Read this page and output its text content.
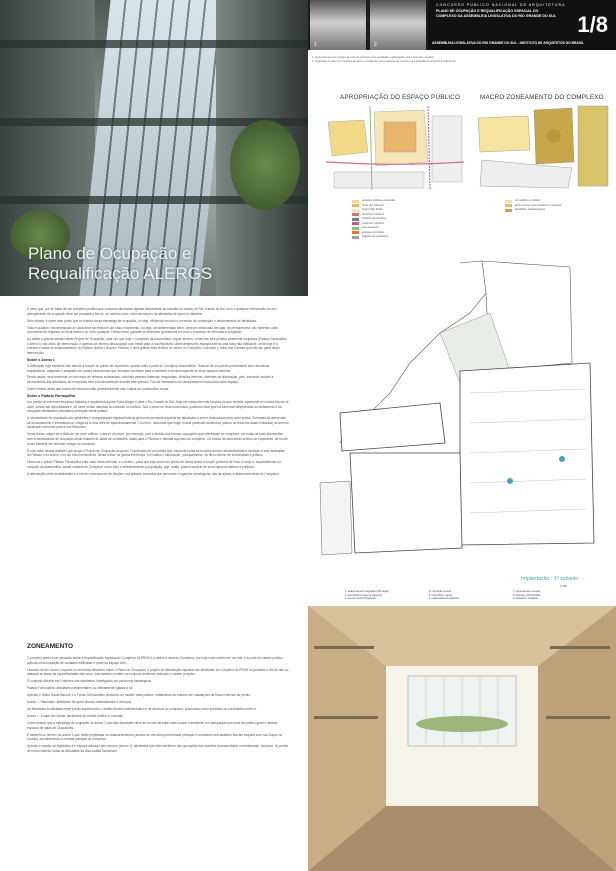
Plano de Ocupação e Requalificação ALERGS

É certo que, por se tratar de um complexo público que comporta atividades ligadas diretamente ao cidadão do estado do Rio Grande do Sul, todo e qualquer intervenção ao seu planejamento de ocupação deve ser pensada a fim de, ao mínimo ruído, não interromper as atividades de quem lá trabalha.

Sem dúvida, é sobre este ponto que se baseia nossa estratégia de ocupação, ou seja, eficiência em todo o processo de construção e deslocamento de atividades.

Toda e qualquer movimentação de usos deve ser feita em um único movimento, ou seja, um determinado setor, uma vez deslocado de lugar, ali permanecerá, não havendo outro movimento de regresso ao local anterior ou outro qualquer. Desta forma, garante-se eficiência operacional em todo o processo de reformas e ocupação.

Ao visitar o grande desafio deste Projeto de Ocupação, uma vez que hoje o Complexo da Assembleia, requer terreno, conta com três prédios totalmente ocupados (Palácio Farroupilha e Anexo I) sob ofício de intervenção, e apenas um terreno desocupado com frente para a rua Riachuelo. Além destes três espaços temos uma faixa não edificante, onde hoje é a entrada e saída do estacionamento do Palácio (sobre o Arquivo Público) e uma grande área vizinha no centro do Complexo, incluindo o Solar dos Câmara que não faz parte desta intervenção.

Sobre o Anexo I:

A edificação hoje existente não atende à função do prédio de escritórios, quanto mais à parte do Complexo Assembleia. Trata-se de um prédio previamente sem relevância arquitetônica, adquirido e adaptado em partes desconexas que incluíram contribuir para a melhoria e técnica especial de seus espaços internos.

Sendo assim, será eminente um processo de reforma substancial, incluindo paredes externas, esquadrias, divisões internas, sistemas de iluminação, piso, tornando inviável a permanência das atividades ali compostas face a funcionamento durante este período. Faz-se necessário um deslocamento inicial para outro espaço.

Cabe lembrar ainda que custos de reforma estão previsivelmente com custos de construções novas.

Sobre o Palácio Farroupilha:

Um prédio de extrema relevância histórica e arquitetônica para Porto Alegre e para o Rio Grande do Sul. Hoje ele comporta mais funções do que deveria, apertando em certos blocos de usos, zonas mal aproveitadas e, de certa forma, danosas ao conceito do edifício. Sob o ponto de vista econômico, podemos dizer que há interesse desprendido do andamento e da ocupação destinada a atividades principais deste palácio.

A necessidade de ampliação das gabinetes e reorganização espacial interna gera uma demanda especial de atividades a serem deslocadas para outro prédio. Somadas às demandas de deslocamento e infraestrutura, chega-se a uma área de aproximadamente 7,4 mil m², área esta que exige o ideal potencial construtivo (dados os recursos atuais limitados) do terreno localizado conforme para a rua Riachuelo.

Desta forma, surgiu-se a idéia de um novo edifício, o anexo de pisos, por exemplo, com a divisão das futuras ocupações que interessam ao complexo, em todas as suas interseções sem a necessidade de ocupação ainda maiores de salas de comissões, salas para o Plenário e demais suportes do complexo. Os custos de obra serão seletos do orçamento, de forma a não interferir em nenhum estágio de comando.

É com base nestas análises que surge o Projeto de Ocupação proposto. Construção de um prédio que comporte todas as funções técnico-administrativas e serviços e seis dedicadas do Palácio e do Anexo I em um único movimento. Desta forma, se ganha em tempo, em custos e otimização, principalmente, do fluxo interno de funcionários e público.

Libera-se o prédio Palácio Farroupilha para suas obras internas, e o Anexo I, para que seja posto em prédio de forma tenha a função (reforma de fluxo e usos) e, especialmente no conjunto da Assembleia, dando unidade de Complexo a seu todo e definitivamente à população, que, então, poderá usufruir de seus espaços abertos e públicos.

A articulação entre as atividades e o correto zoneamento de funções nos prédios, somados aos percursos e ligações estratégicas, são as ajudas a desenvolvimento do Complexo.

ZONEAMENTO

O primeiro ponto a ser pensado sobre a requalificação espacial do Complexo ALERGS é a definir a área do Complexo, por hoje está contido em um lote, é a partir do estado público, apenas uma ocupação de unidades edificadas e parte do espaço livre.

Levando-se em conta o exposto no memorial descritivo sobre o Plano de Ocupação, o projeto de distribuição espacial das atividades do Complexo ALERGS foi pensado a fim de não só adequar as áreas às especificidades dos usos, mas também conferir ao conjunto ambiente distinção e caráter próprios.

O conjunto dividido em 3 setores das atividades, interligados por percursos estratégicos.

Palácio Farroupilha: atividades parlamentares ou intimamente ligadas a tal.

Apenas o Teatro Dante Barone e o Fórum Democrático possuem um caráter mais público, enfatizando-se entorno em instalações de fluxos internos do prédio.

Anexo I - Riachuelo: atividades de apoio técnico-administrativo e serviços.

As atividades localizadas neste prédio suprem todo o âmbito técnico-administrativo e de serviços do complexo, procurando setor próximos ou conectados entre si.

Anexo I - Duque de Caxias: atividades de caráter público e culturais.

Cabe lembrar que a estratégia de ocupação do anexo 1 com tais atividades deve-se ao fato de estar mais locado e ambiente, em adequação aos usos de público geral e demais espaços de salas de Ocupações.

É também no terreno do anexo 1 que estão projetadas os estacionamentos (acesso de veículos pela entrada principal e corredores sob auditório fica até esquina com rua Duque de Caxias), reconhecendo a entrada principal do complexo.

Apenas a sessão de legislativo e o espaço utilizado pelo terreno (anexo 1), atividades que não interferem nas operações das sessões da assembleia, necessitariam, inclusive, do prédio de forma distinta; todas as atividades da vida cidadã funcionam.

1	2
CONCURSO PÚBLICO NACIONAL DE ARQUITETURA
PLANO DE OCUPAÇÃO E REQUALIFICAÇÃO ESPACIAL DO COMPLEXO DA ASSEMBLEIA LEGISLATIVA DO RIO GRANDE DO SUL 1/8
ASSEMBLEIA LEGISLATIVA DO RIO GRANDE DO SUL - INSTITUTO DE ARQUITETOS DO BRASIL
1. Aproveitamento do espaço de vivência existente com ampliação e adequação para o fluxo dos usuários.
2. Ocupação do pátio com funções de apoio e criação de novos espaços de convívio na integração do conjunto arquitetônico.
APROPRIAÇÃO DO ESPAÇO PÚBLICO	MACRO ZONEAMENTO DO COMPLEXO
espaços públicos existentes
Solar dos Câmara
Teatro São Pedro
caminhos públicos
Trânsito de veículos
caminhos públicos
rota acessível
acessos principais
ligações de pedestres
uso público e cultural
apoio técnico-administrativo e serviços
atividades parlamentares
Implantação - 1º subsolo
1:500
1. estacionamento Deputados (85 vagas)
2. área técnica / casa de máquinas
3. acesso veículos Riachuelo
4. circulação vertical
5. reservatório / apoio
6. estacionamento visitantes
7. rampa acesso veículos
8. depósito / almoxarifado
9. sanitários / vestiários
